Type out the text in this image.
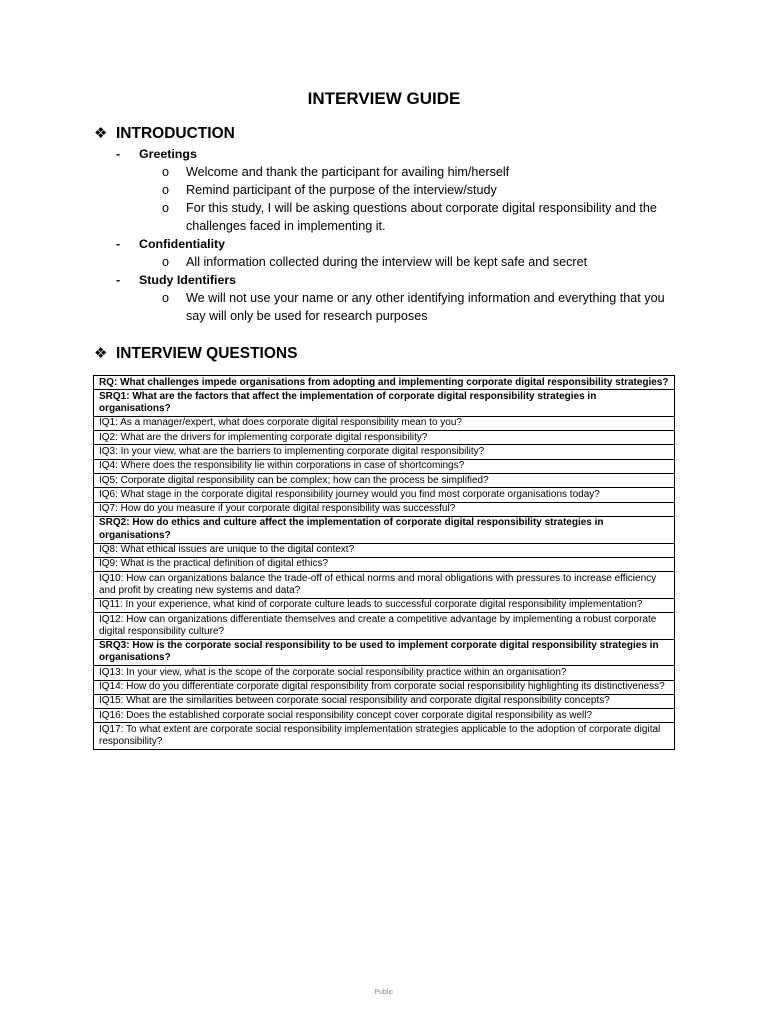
INTERVIEW GUIDE
❖ INTRODUCTION
- Greetings
o Welcome and thank the participant for availing him/herself
o Remind participant of the purpose of the interview/study
o For this study, I will be asking questions about corporate digital responsibility and the challenges faced in implementing it.
- Confidentiality
o All information collected during the interview will be kept safe and secret
- Study Identifiers
o We will not use your name or any other identifying information and everything that you say will only be used for research purposes
❖ INTERVIEW QUESTIONS
RQ: What challenges impede organisations from adopting and implementing corporate digital responsibility strategies?
SRQ1: What are the factors that affect the implementation of corporate digital responsibility strategies in organisations?
IQ1: As a manager/expert, what does corporate digital responsibility mean to you?
IQ2: What are the drivers for implementing corporate digital responsibility?
IQ3: In your view, what are the barriers to implementing corporate digital responsibility?
IQ4: Where does the responsibility lie within corporations in case of shortcomings?
IQ5: Corporate digital responsibility can be complex; how can the process be simplified?
IQ6: What stage in the corporate digital responsibility journey would you find most corporate organisations today?
IQ7: How do you measure if your corporate digital responsibility was successful?
SRQ2: How do ethics and culture affect the implementation of corporate digital responsibility strategies in organisations?
IQ8: What ethical issues are unique to the digital context?
IQ9: What is the practical definition of digital ethics?
IQ10: How can organizations balance the trade-off of ethical norms and moral obligations with pressures to increase efficiency and profit by creating new systems and data?
IQ11: In your experience, what kind of corporate culture leads to successful corporate digital responsibility implementation?
IQ12: How can organizations differentiate themselves and create a competitive advantage by implementing a robust corporate digital responsibility culture?
SRQ3: How is the corporate social responsibility to be used to implement corporate digital responsibility strategies in organisations?
IQ13: In your view, what is the scope of the corporate social responsibility practice within an organisation?
IQ14: How do you differentiate corporate digital responsibility from corporate social responsibility highlighting its distinctiveness?
IQ15: What are the similarities between corporate social responsibility and corporate digital responsibility concepts?
IQ16: Does the established corporate social responsibility concept cover corporate digital responsibility as well?
IQ17: To what extent are corporate social responsibility implementation strategies applicable to the adoption of corporate digital responsibility?
Public
